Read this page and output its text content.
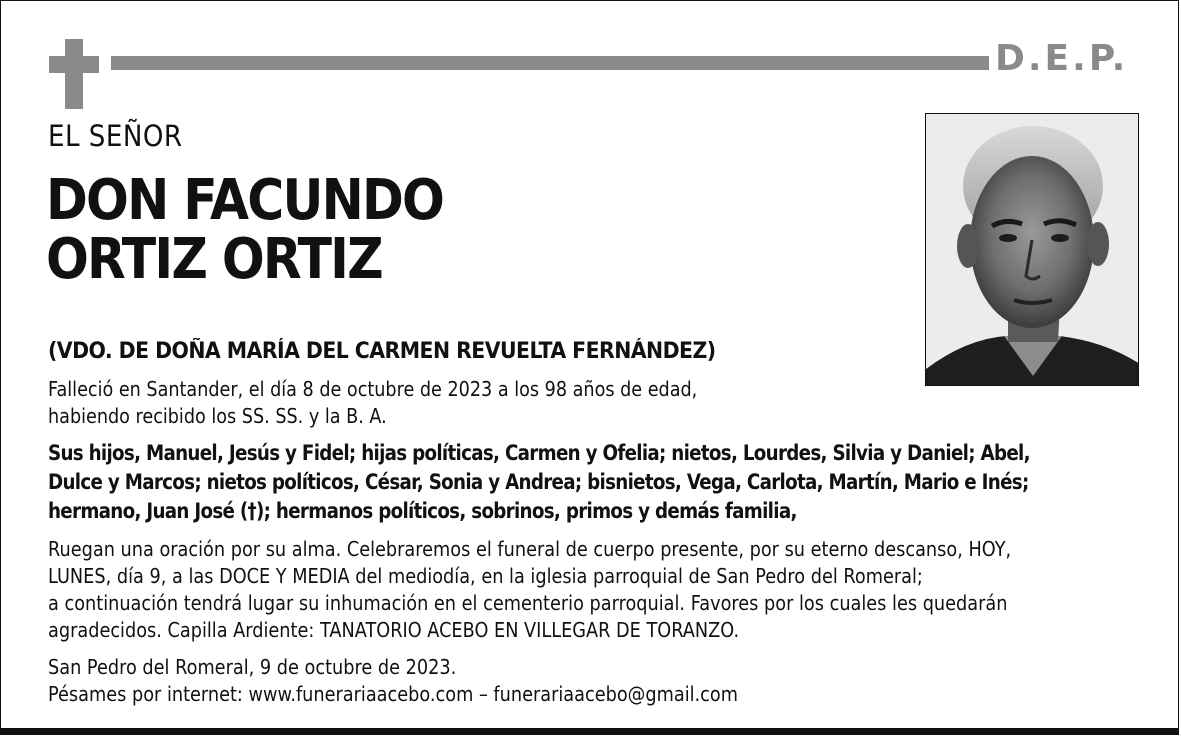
D.E.P.
EL SEÑOR
DON FACUNDO
ORTIZ ORTIZ
(VDO. DE DOÑA MARÍA DEL CARMEN REVUELTA FERNÁNDEZ)
Falleció en Santander, el día 8 de octubre de 2023 a los 98 años de edad,
habiendo recibido los SS. SS. y la B. A.
Sus hijos, Manuel, Jesús y Fidel; hijas políticas, Carmen y Ofelia; nietos, Lourdes, Silvia y Daniel; Abel,
Dulce y Marcos; nietos políticos, César, Sonia y Andrea; bisnietos, Vega, Carlota, Martín, Mario e Inés;
hermano, Juan José (†); hermanos políticos, sobrinos, primos y demás familia,
Ruegan una oración por su alma. Celebraremos el funeral de cuerpo presente, por su eterno descanso, HOY,
LUNES, día 9, a las DOCE Y MEDIA del mediodía, en la iglesia parroquial de San Pedro del Romeral;
a continuación tendrá lugar su inhumación en el cementerio parroquial. Favores por los cuales les quedarán
agradecidos. Capilla Ardiente: TANATORIO ACEBO EN VILLEGAR DE TORANZO.
San Pedro del Romeral, 9 de octubre de 2023.
Pésames por internet: www.funerariaacebo.com – funerariaacebo@gmail.com
